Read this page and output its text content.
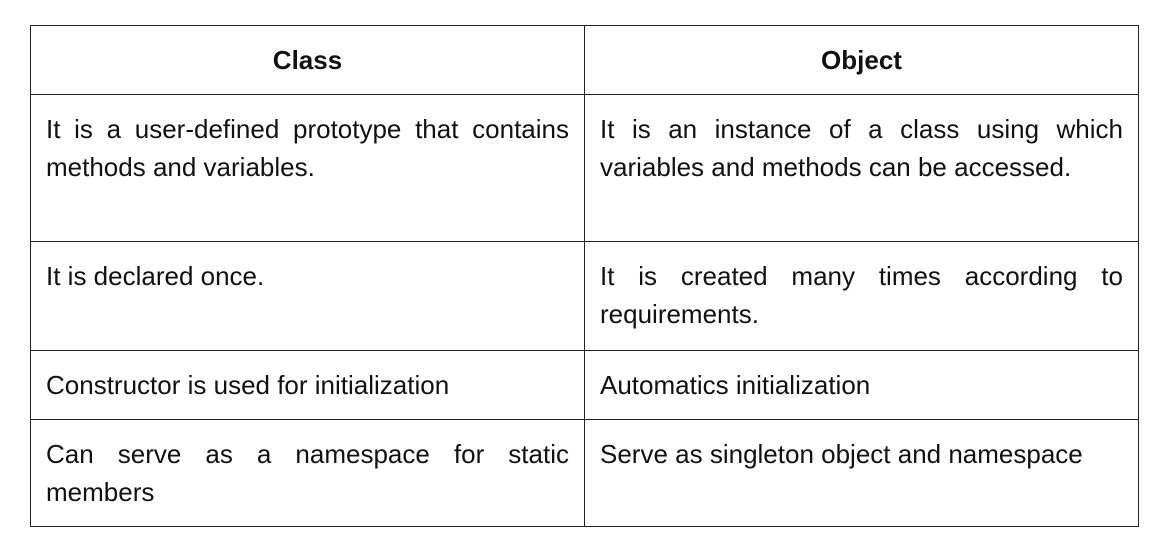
Class	Object
It is a user-defined prototype that contains methods and variables.	It is an instance of a class using which variables and methods can be accessed.
It is declared once.	It is created many times according to requirements.
Constructor is used for initialization	Automatics initialization
Can serve as a namespace for static members	Serve as singleton object and namespace
